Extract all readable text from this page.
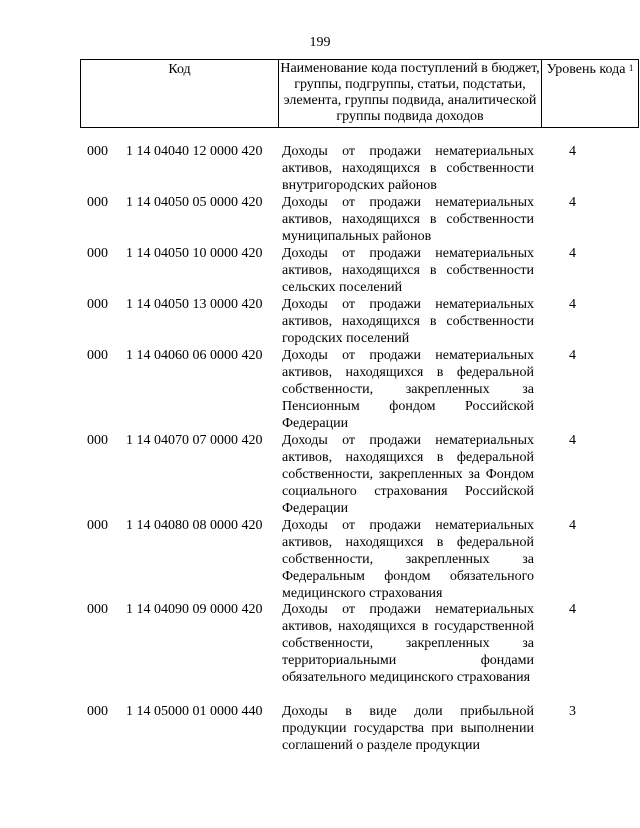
199
Код	Наименование кода поступлений в бюджет, группы, подгруппы, статьи, подстатьи, элемента, группы подвида, аналитической группы подвида доходов
Уровень кода $^1$
000 1 14 04040 12 0000 420 Доходы от продажи нематериальных активов, находящихся в собственности внутригородских районов
4
000 1 14 04050 05 0000 420 Доходы от продажи нематериальных активов, находящихся в собственности муниципальных районов
4
000 1 14 04050 10 0000 420 Доходы от продажи нематериальных активов, находящихся в собственности сельских поселений
4
000 1 14 04050 13 0000 420 Доходы от продажи нематериальных активов, находящихся в собственности городских поселений
4
000 1 14 04060 06 0000 420 Доходы от продажи нематериальных активов, находящихся в федеральной собственности, закрепленных за Пенсионным фондом Российской Федерации
4
000 1 14 04070 07 0000 420 Доходы от продажи нематериальных активов, находящихся в федеральной собственности, закрепленных за Фондом социального страхования Российской Федерации
4
000 1 14 04080 08 0000 420 Доходы от продажи нематериальных активов, находящихся в федеральной собственности, закрепленных за Федеральным фондом обязательного медицинского страхования
4
000 1 14 04090 09 0000 420 Доходы от продажи нематериальных активов, находящихся в государственной собственности, закрепленных за территориальными фондами обязательного медицинского страхования
4
000 1 14 05000 01 0000 440 Доходы в виде доли прибыльной продукции государства при выполнении соглашений о разделе продукции
3
